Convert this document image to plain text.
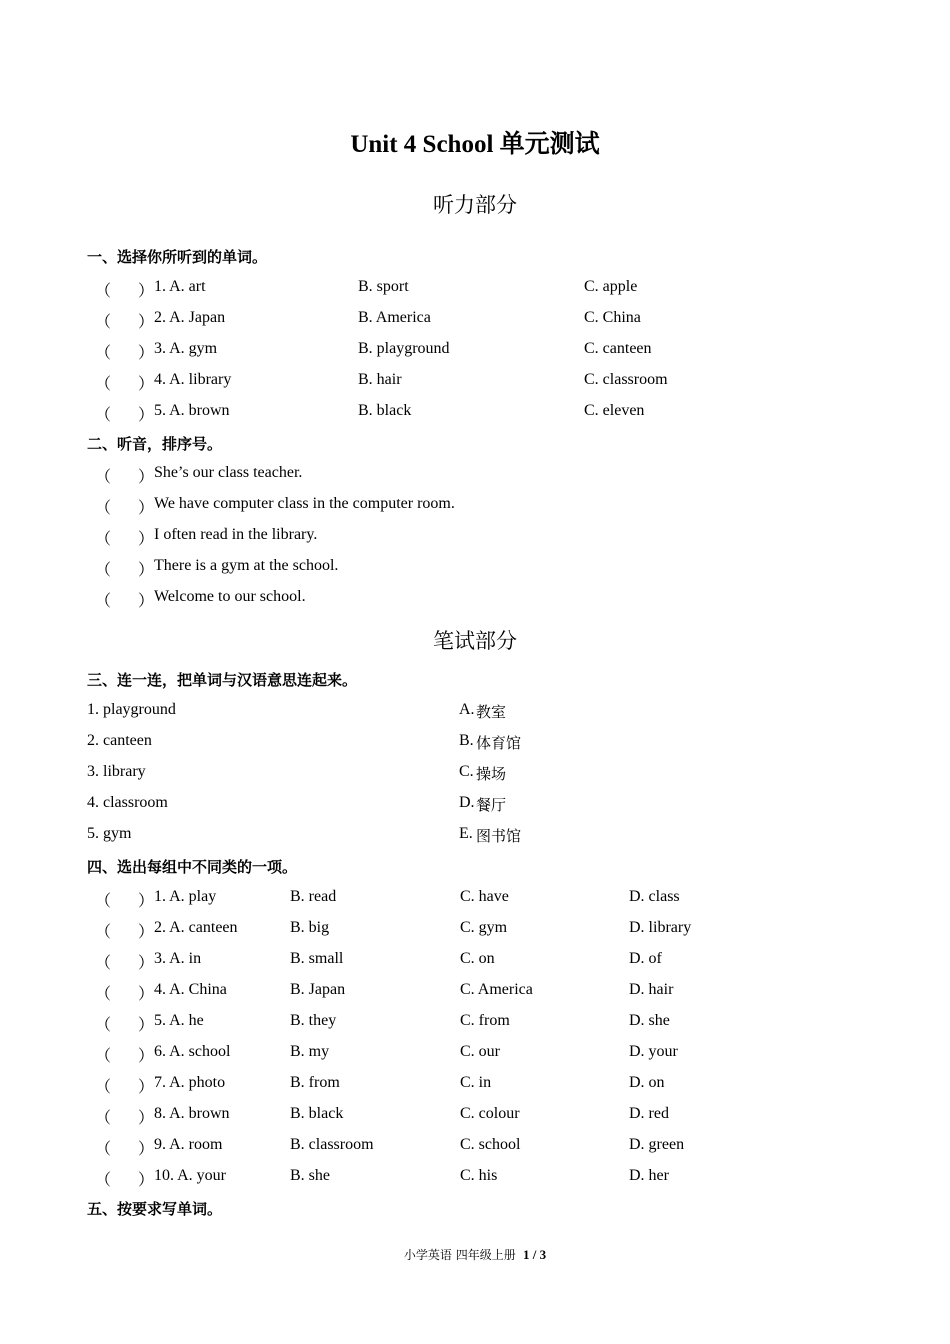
Unit 4 School 单元测试
听力部分
一、选择你所听到的单词。
（ ） 1. A. art	B. sport	C. apple
（ ） 2. A. Japan	B. America	C. China
（ ） 3. A. gym	B. playground	C. canteen
（ ） 4. A. library	B. hair	C. classroom
（ ） 5. A. brown	B. black	C. eleven
二、听音，排序号。
（ ） She’s our class teacher.
（ ） We have computer class in the computer room.
（ ） I often read in the library.
（ ） There is a gym at the school.
（ ） Welcome to our school.
笔试部分
三、连一连，把单词与汉语意思连起来。
1. playground	A. 教室
2. canteen	B. 体育馆
3. library	C. 操场
4. classroom	D. 餐厅
5. gym	E. 图书馆
四、选出每组中不同类的一项。
（ ） 1. A. play	B. read	C. have	D. class
（ ） 2. A. canteen	B. big	C. gym	D. library
（ ） 3. A. in	B. small	C. on	D. of
（ ） 4. A. China	B. Japan	C. America	D. hair
（ ） 5. A. he	B. they	C. from	D. she
（ ） 6. A. school	B. my	C. our	D. your
（ ） 7. A. photo	B. from	C. in	D. on
（ ） 8. A. brown	B. black	C. colour	D. red
（ ） 9. A. room	B. classroom	C. school	D. green
（ ） 10. A. your	B. she	C. his	D. her
五、按要求写单词。
小学英语 四年级上册 1 / 3
